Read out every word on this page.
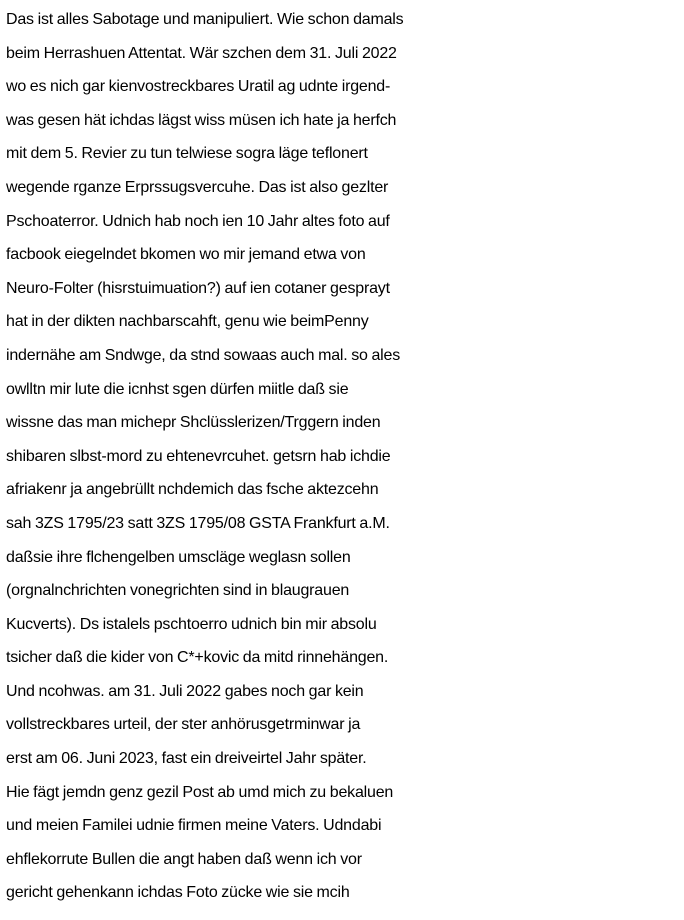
Das ist alles Sabotage und manipuliert. Wie schon damals
beim Herrashuen Attentat. Wär szchen dem 31. Juli 2022
wo es nich gar kienvostreckbares Uratil ag udnte irgend-
was gesen hät ichdas lägst wiss müsen ich hate ja herfch
mit dem 5. Revier zu tun telwiese sogra läge teflonert
wegende rganze Erprssugsvercuhe. Das ist also gezlter
Pschoaterror. Udnich hab noch ien 10 Jahr altes foto auf
facbook eiegelndet bkomen wo mir jemand etwa von
Neuro-Folter (hisrstuimuation?) auf ien cotaner gesprayt
hat in der dikten nachbarscahft, genu wie beimPenny
indernähe am Sndwge, da stnd sowaas auch mal. so ales
owlltn mir lute die icnhst sgen dürfen miitle daß sie
wissne das man michepr Shclüsslerizen/Trggern inden
shibaren slbst-mord zu ehtenevrcuhet. getsrn hab ichdie
afriakenr ja angebrüllt nchdemich das fsche aktezcehn
sah 3ZS 1795/23 satt 3ZS 1795/08 GSTA Frankfurt a.M.
daßsie ihre flchengelben umscläge weglasn sollen
(orgnalnchrichten vonegrichten sind in blaugrauen
Kucverts). Ds istalels pschtoerro udnich bin mir absolu
tsicher daß die kider von C*+kovic da mitd rinnehängen.
Und ncohwas. am 31. Juli 2022 gabes noch gar kein
vollstreckbares urteil, der ster anhörusgetrminwar ja
erst am 06. Juni 2023, fast ein dreiveirtel Jahr später.
Hie fägt jemdn genz gezil Post ab umd mich zu bekaluen
und meien Familei udnie firmen meine Vaters. Udndabi
ehflekorrute Bullen die angt haben daß wenn ich vor
gericht gehenkann ichdas Foto zücke wie sie mcih
